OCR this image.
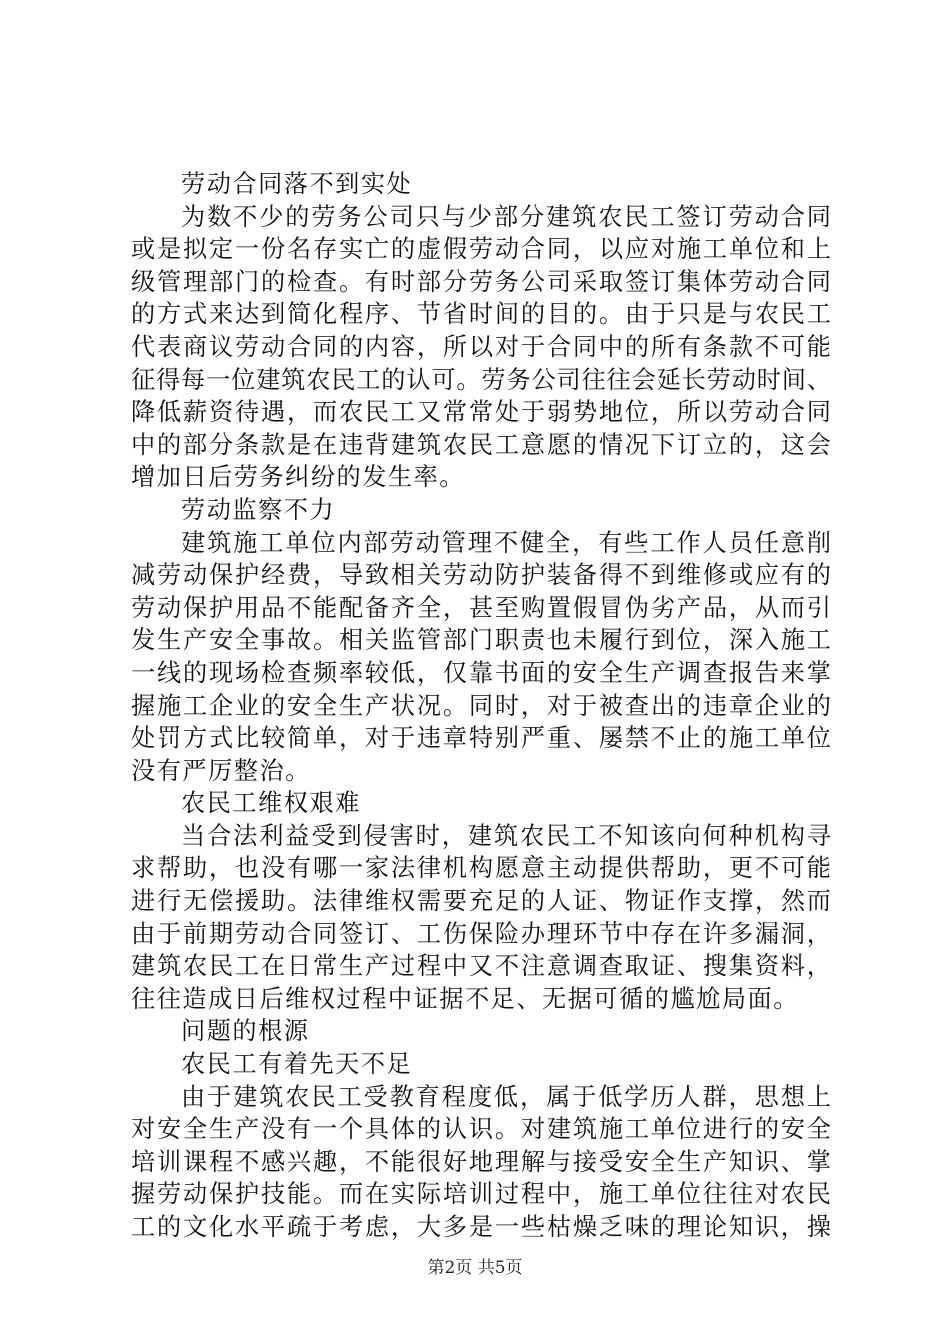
劳动合同落不到实处
为数不少的劳务公司只与少部分建筑农民工签订劳动合同
或是拟定一份名存实亡的虚假劳动合同，以应对施工单位和上
级管理部门的检查。有时部分劳务公司采取签订集体劳动合同
的方式来达到简化程序、节省时间的目的。由于只是与农民工
代表商议劳动合同的内容，所以对于合同中的所有条款不可能
征得每一位建筑农民工的认可。劳务公司往往会延长劳动时间、
降低薪资待遇，而农民工又常常处于弱势地位，所以劳动合同
中的部分条款是在违背建筑农民工意愿的情况下订立的，这会
增加日后劳务纠纷的发生率。
劳动监察不力
建筑施工单位内部劳动管理不健全，有些工作人员任意削
减劳动保护经费，导致相关劳动防护装备得不到维修或应有的
劳动保护用品不能配备齐全，甚至购置假冒伪劣产品，从而引
发生产安全事故。相关监管部门职责也未履行到位，深入施工
一线的现场检查频率较低，仅靠书面的安全生产调查报告来掌
握施工企业的安全生产状况。同时，对于被查出的违章企业的
处罚方式比较简单，对于违章特别严重、屡禁不止的施工单位
没有严厉整治。
农民工维权艰难
当合法利益受到侵害时，建筑农民工不知该向何种机构寻
求帮助，也没有哪一家法律机构愿意主动提供帮助，更不可能
进行无偿援助。法律维权需要充足的人证、物证作支撑，然而
由于前期劳动合同签订、工伤保险办理环节中存在许多漏洞，
建筑农民工在日常生产过程中又不注意调查取证、搜集资料，
往往造成日后维权过程中证据不足、无据可循的尴尬局面。
问题的根源
农民工有着先天不足
由于建筑农民工受教育程度低，属于低学历人群，思想上
对安全生产没有一个具体的认识。对建筑施工单位进行的安全
培训课程不感兴趣，不能很好地理解与接受安全生产知识、掌
握劳动保护技能。而在实际培训过程中，施工单位往往对农民
工的文化水平疏于考虑，大多是一些枯燥乏味的理论知识，操
第2页 共5页
